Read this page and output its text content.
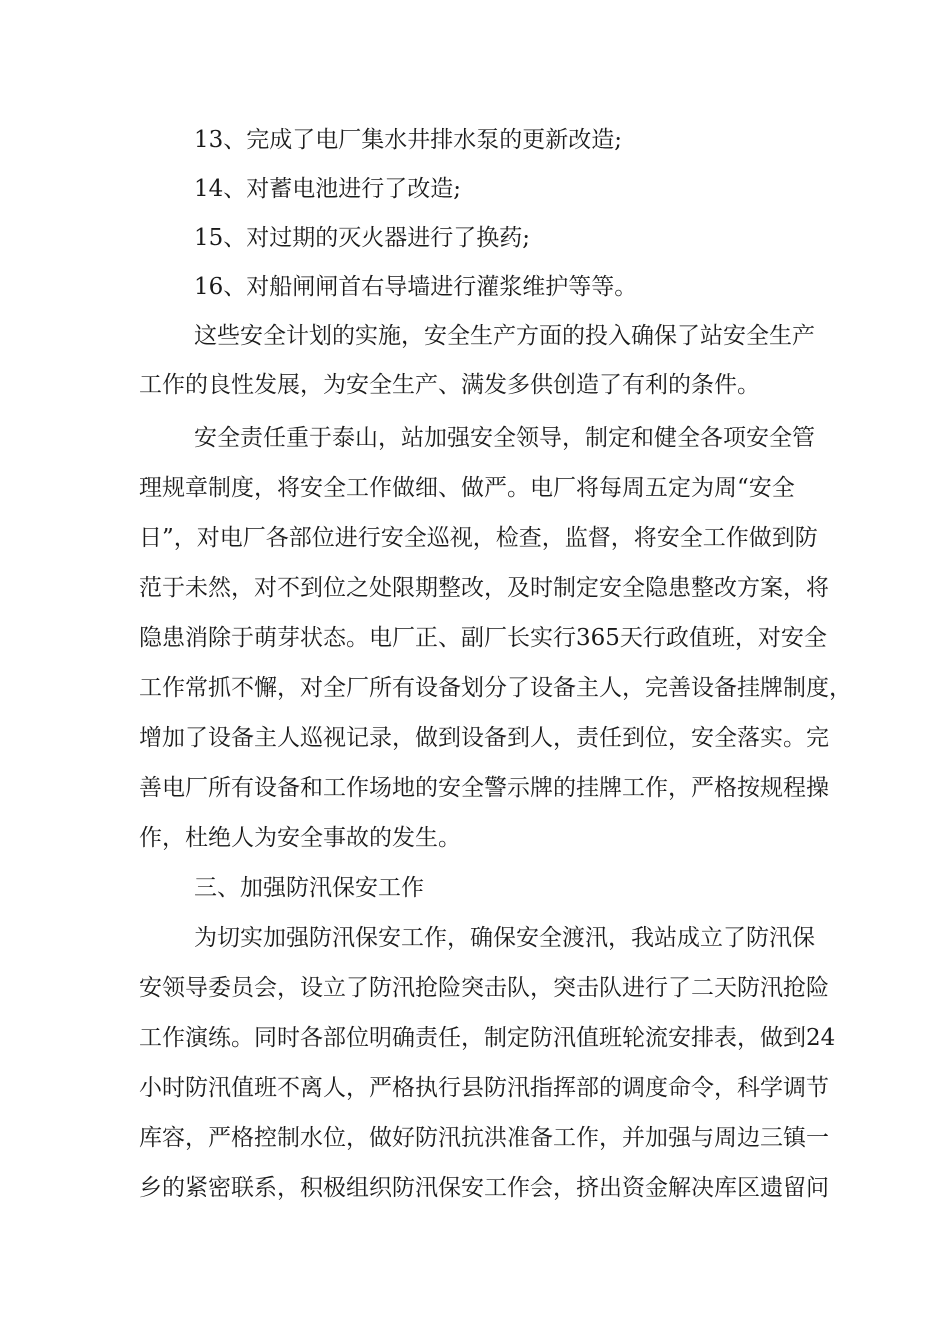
13、完成了电厂集水井排水泵的更新改造;
14、对蓄电池进行了改造;
15、对过期的灭火器进行了换药;
16、对船闸闸首右导墙进行灌浆维护等等。
这些安全计划的实施，安全生产方面的投入确保了站安全生产
工作的良性发展，为安全生产、满发多供创造了有利的条件。
安全责任重于泰山，站加强安全领导，制定和健全各项安全管
理规章制度，将安全工作做细、做严。电厂将每周五定为周“安全
日”，对电厂各部位进行安全巡视，检查，监督，将安全工作做到防
范于未然，对不到位之处限期整改，及时制定安全隐患整改方案，将
隐患消除于萌芽状态。电厂正、副厂长实行365天行政值班，对安全
工作常抓不懈，对全厂所有设备划分了设备主人，完善设备挂牌制度，
增加了设备主人巡视记录，做到设备到人，责任到位，安全落实。完
善电厂所有设备和工作场地的安全警示牌的挂牌工作，严格按规程操
作，杜绝人为安全事故的发生。
三、加强防汛保安工作
为切实加强防汛保安工作，确保安全渡汛，我站成立了防汛保
安领导委员会，设立了防汛抢险突击队，突击队进行了二天防汛抢险
工作演练。同时各部位明确责任，制定防汛值班轮流安排表，做到24
小时防汛值班不离人，严格执行县防汛指挥部的调度命令，科学调节
库容，严格控制水位，做好防汛抗洪准备工作，并加强与周边三镇一
乡的紧密联系，积极组织防汛保安工作会，挤出资金解决库区遗留问
